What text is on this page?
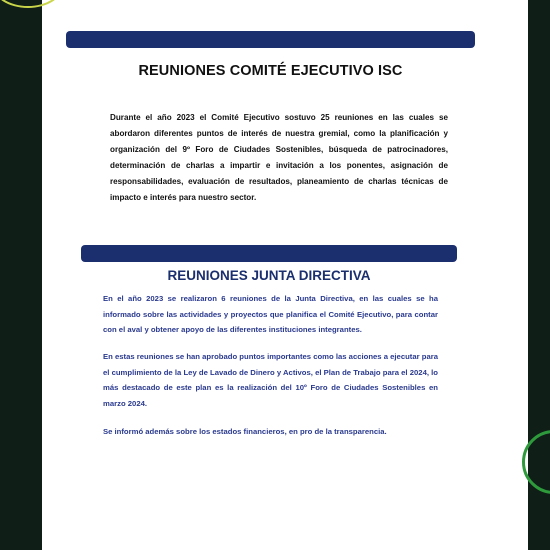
REUNIONES COMITÉ EJECUTIVO ISC
Durante el año 2023 el Comité Ejecutivo sostuvo 25 reuniones en las cuales se abordaron diferentes puntos de interés de nuestra gremial, como la planificación y organización del 9º Foro de Ciudades Sostenibles, búsqueda de patrocinadores, determinación de charlas a impartir e invitación a los ponentes, asignación de responsabilidades, evaluación de resultados, planeamiento de charlas técnicas de impacto e interés para nuestro sector.
REUNIONES JUNTA DIRECTIVA
En el año 2023 se realizaron 6 reuniones de la Junta Directiva, en las cuales se ha informado sobre las actividades y proyectos que planifica el Comité Ejecutivo, para contar con el aval y obtener apoyo de las diferentes instituciones integrantes.
En estas reuniones se han aprobado puntos importantes como las acciones a ejecutar para el cumplimiento de la Ley de Lavado de Dinero y Activos, el Plan de Trabajo para el 2024, lo más destacado de este plan es la realización del 10º Foro de Ciudades Sostenibles en marzo 2024.
Se informó además sobre los estados financieros, en pro de la transparencia.
